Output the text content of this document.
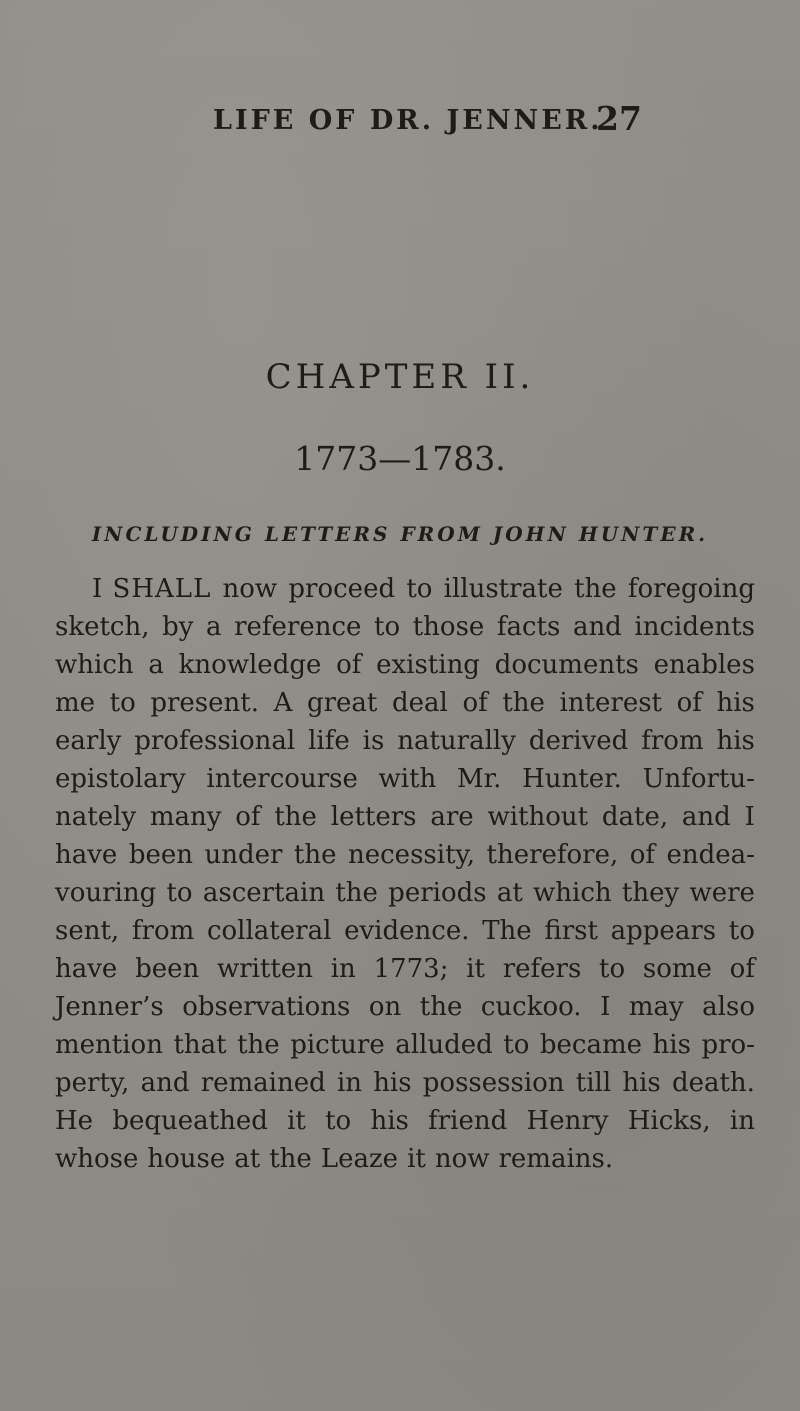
LIFE OF DR. JENNER.
27
CHAPTER II.
1773—1783.
INCLUDING LETTERS FROM JOHN HUNTER.
I SHALL now proceed to illustrate the foregoing
sketch, by a reference to those facts and incidents
which a knowledge of existing documents enables
me to present. A great deal of the interest of his
early professional life is naturally derived from his
epistolary intercourse with Mr. Hunter. Unfortu-
nately many of the letters are without date, and I
have been under the necessity, therefore, of endea-
vouring to ascertain the periods at which they were
sent, from collateral evidence. The first appears to
have been written in 1773; it refers to some of
Jenner’s observations on the cuckoo. I may also
mention that the picture alluded to became his pro-
perty, and remained in his possession till his death.
He bequeathed it to his friend Henry Hicks, in
whose house at the Leaze it now remains.
